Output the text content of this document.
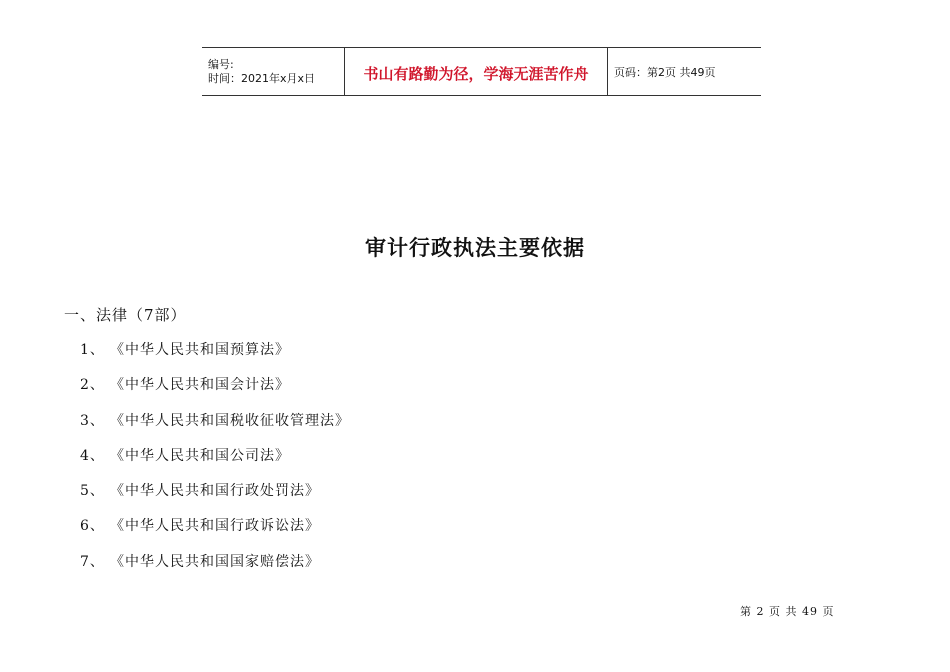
编号:
时间：2021年x月x日	书山有路勤为径，学海无涯苦作舟 页码：第2页 共49页
审计行政执法主要依据
一、法律（7部）
1、 《中华人民共和国预算法》
2、 《中华人民共和国会计法》
3、 《中华人民共和国税收征收管理法》
4、 《中华人民共和国公司法》
5、 《中华人民共和国行政处罚法》
6、 《中华人民共和国行政诉讼法》
7、 《中华人民共和国国家赔偿法》
第 2 页 共 49 页
